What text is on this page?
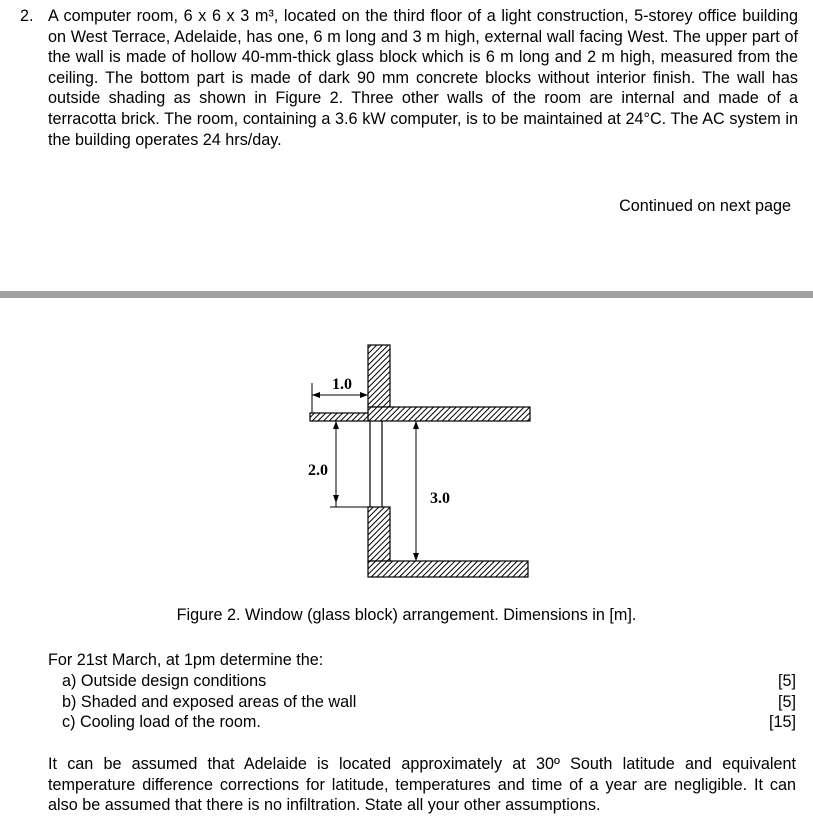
2. A computer room, 6 x 6 x 3 m³, located on the third floor of a light construction, 5-storey office building on West Terrace, Adelaide, has one, 6 m long and 3 m high, external wall facing West. The upper part of the wall is made of hollow 40-mm-thick glass block which is 6 m long and 2 m high, measured from the ceiling. The bottom part is made of dark 90 mm concrete blocks without interior finish. The wall has outside shading as shown in Figure 2. Three other walls of the room are internal and made of a terracotta brick. The room, containing a 3.6 kW computer, is to be maintained at 24°C. The AC system in the building operates 24 hrs/day.
Continued on next page
1.0
2.0
3.0
Figure 2. Window (glass block) arrangement. Dimensions in [m].
For 21st March, at 1pm determine the:
a) Outside design conditions	[5]
b) Shaded and exposed areas of the wall	[5]
c) Cooling load of the room.	[15]
It can be assumed that Adelaide is located approximately at 30º South latitude and equivalent temperature difference corrections for latitude, temperatures and time of a year are negligible. It can also be assumed that there is no infiltration. State all your other assumptions.
